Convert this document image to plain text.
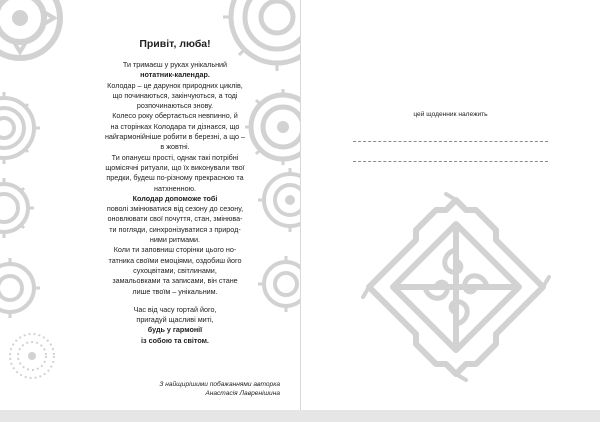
Привіт, люба!

Ти тримаєш у руках унікальний

нотатник-календар.

Колодар – це дарунок природних циклів,

що починаються, закінчуються, а тоді

розпочинаються знову.

Колесо року обертається невпинно, й

на сторінках Колодара ти дізнаєся, що

найгармонійніше робити в березні, а що –

в жовтні.

Ти опануєш прості, однак такі потрібні

щомісячні ритуали, що їх виконували твої

предки, будеш по-різному прекрасною та

натхненною.

Колодар допоможе тобі

поволі змінюватися від сезону до сезону,

оновлювати свої почуття, стан, змінюва-

ти погляди, синхронізуватися з природ-

ними ритмами.

Коли ти заповниш сторінки цього но-

татника своїми емоціями, оздобиш його

сухоцвітами, світлинами,

замальовками та записами, він стане

лише твоїм – унікальним.

Час від часу гортай його,

пригадуй щасливі миті,

будь у гармонії

із собою та світом.

З найщирішими побажаннями авторка
Анастасія Лавренішина
цей щоденник належить
